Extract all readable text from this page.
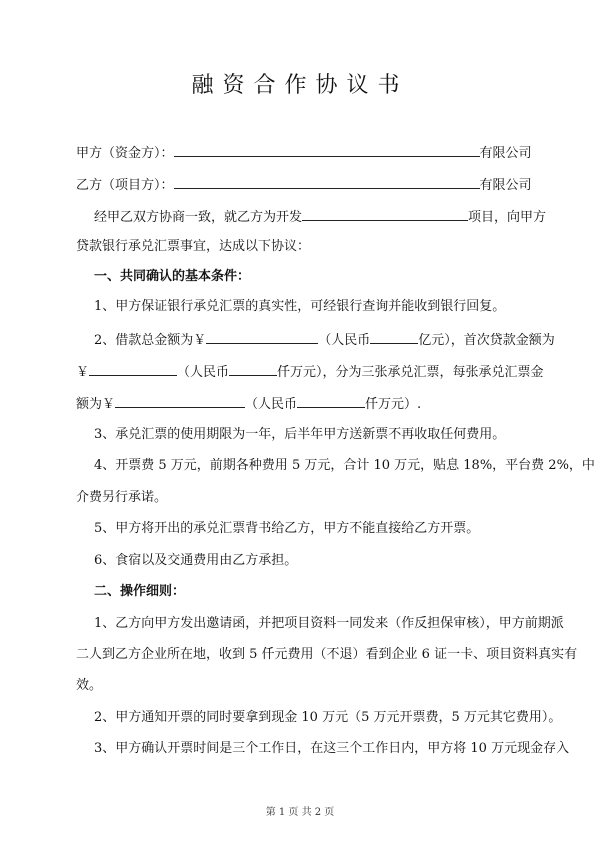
融资合作协议书
甲方（资金方）：	有限公司
乙方（项目方）：	有限公司
经甲乙双方协商一致，就乙方为开发	项目，向甲方
贷款银行承兑汇票事宜，达成以下协议：
一、共同确认的基本条件：
1、甲方保证银行承兑汇票的真实性，可经银行查询并能收到银行回复。
2、借款总金额为￥	（人民币	亿元），首次贷款金额为
￥	（人民币	仟万元），分为三张承兑汇票，每张承兑汇票金
额为￥	（人民币	仟万元）.
3、承兑汇票的使用期限为一年，后半年甲方送新票不再收取任何费用。
4、开票费 5 万元，前期各种费用 5 万元，合计 10 万元，贴息 18%，平台费 2%，中
介费另行承诺。
5、甲方将开出的承兑汇票背书给乙方，甲方不能直接给乙方开票。
6、食宿以及交通费用由乙方承担。
二、操作细则：
1、乙方向甲方发出邀请函，并把项目资料一同发来（作反担保审核），甲方前期派
二人到乙方企业所在地，收到 5 仟元费用（不退）看到企业 6 证一卡、项目资料真实有
效。
2、甲方通知开票的同时要拿到现金 10 万元（5 万元开票费，5 万元其它费用）。
3、甲方确认开票时间是三个工作日，在这三个工作日内，甲方将 10 万元现金存入
第 1 页 共 2 页
